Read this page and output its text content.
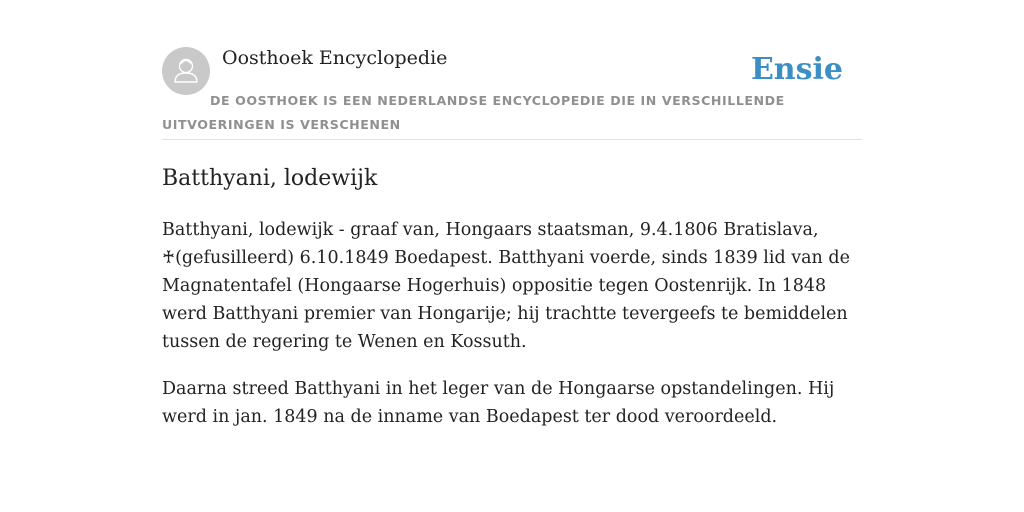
Oosthoek Encyclopedie	Ensie
DE OOSTHOEK IS EEN NEDERLANDSE ENCYCLOPEDIE DIE IN VERSCHILLENDE UITVOERINGEN IS VERSCHENEN
Batthyani, lodewijk

Batthyani, lodewijk - graaf van, Hongaars staatsman, 9.4.1806 Bratislava, ♰(gefusilleerd) 6.10.1849 Boedapest. Batthyani voerde, sinds 1839 lid van de Magnatentafel (Hongaarse Hogerhuis) oppositie tegen Oostenrijk. In 1848 werd Batthyani premier van Hongarije; hij trachtte tevergeefs te bemiddelen tussen de regering te Wenen en Kossuth.

Daarna streed Batthyani in het leger van de Hongaarse opstandelingen. Hij werd in jan. 1849 na de inname van Boedapest ter dood veroordeeld.
